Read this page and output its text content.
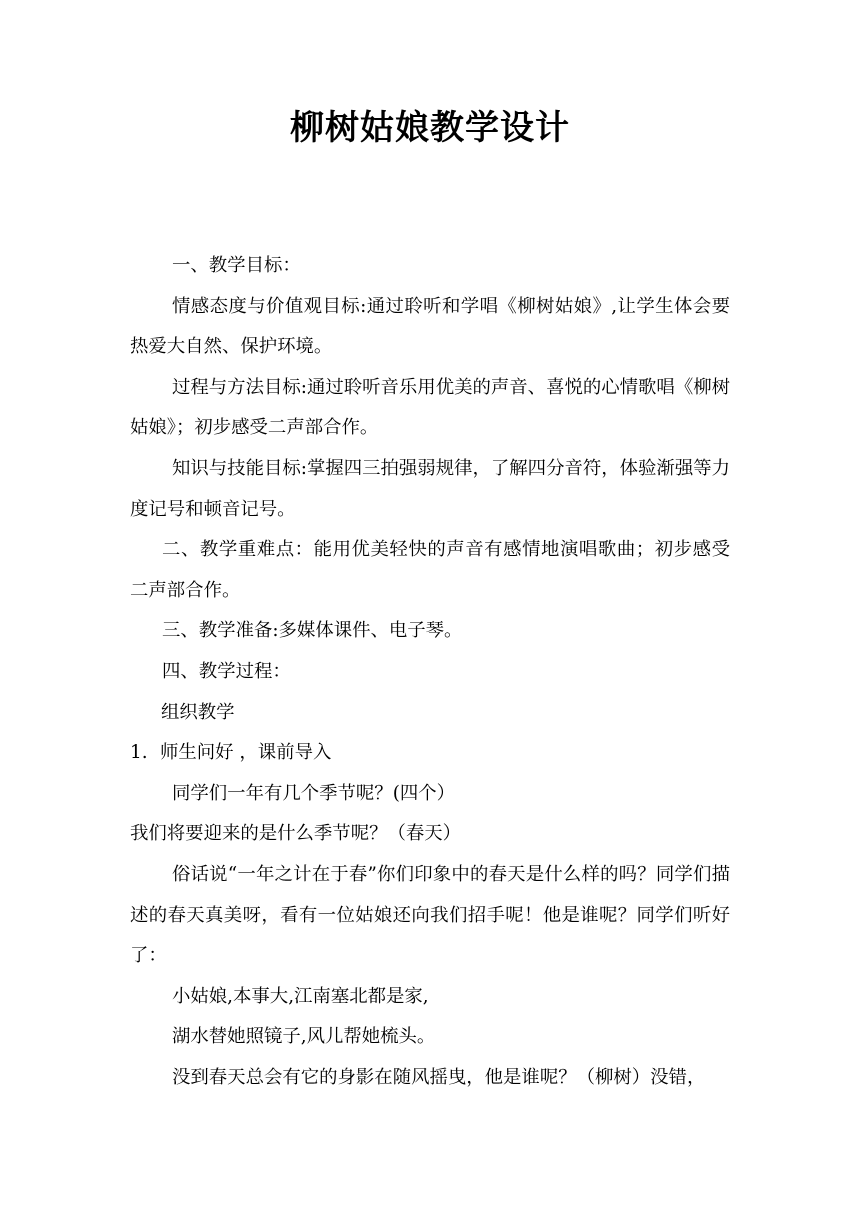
柳树姑娘教学设计

一、教学目标：

情感态度与价值观目标:通过聆听和学唱《柳树姑娘》,让学生体会要热爱大自然、保护环境。

过程与方法目标:通过聆听音乐用优美的声音、喜悦的心情歌唱《柳树姑娘》；初步感受二声部合作。

知识与技能目标:掌握四三拍强弱规律，了解四分音符，体验渐强等力度记号和顿音记号。

二、教学重难点：能用优美轻快的声音有感情地演唱歌曲；初步感受二声部合作。

三、教学准备:多媒体课件、电子琴。

四、教学过程：

组织教学

1. 师生问好 ，课前导入

同学们一年有几个季节呢？(四个）

我们将要迎来的是什么季节呢？（春天）

俗话说“一年之计在于春”你们印象中的春天是什么样的吗？同学们描述的春天真美呀，看有一位姑娘还向我们招手呢！他是谁呢？同学们听好了：

小姑娘,本事大,江南塞北都是家,

湖水替她照镜子,风儿帮她梳头。

没到春天总会有它的身影在随风摇曳，他是谁呢？（柳树）没错，
